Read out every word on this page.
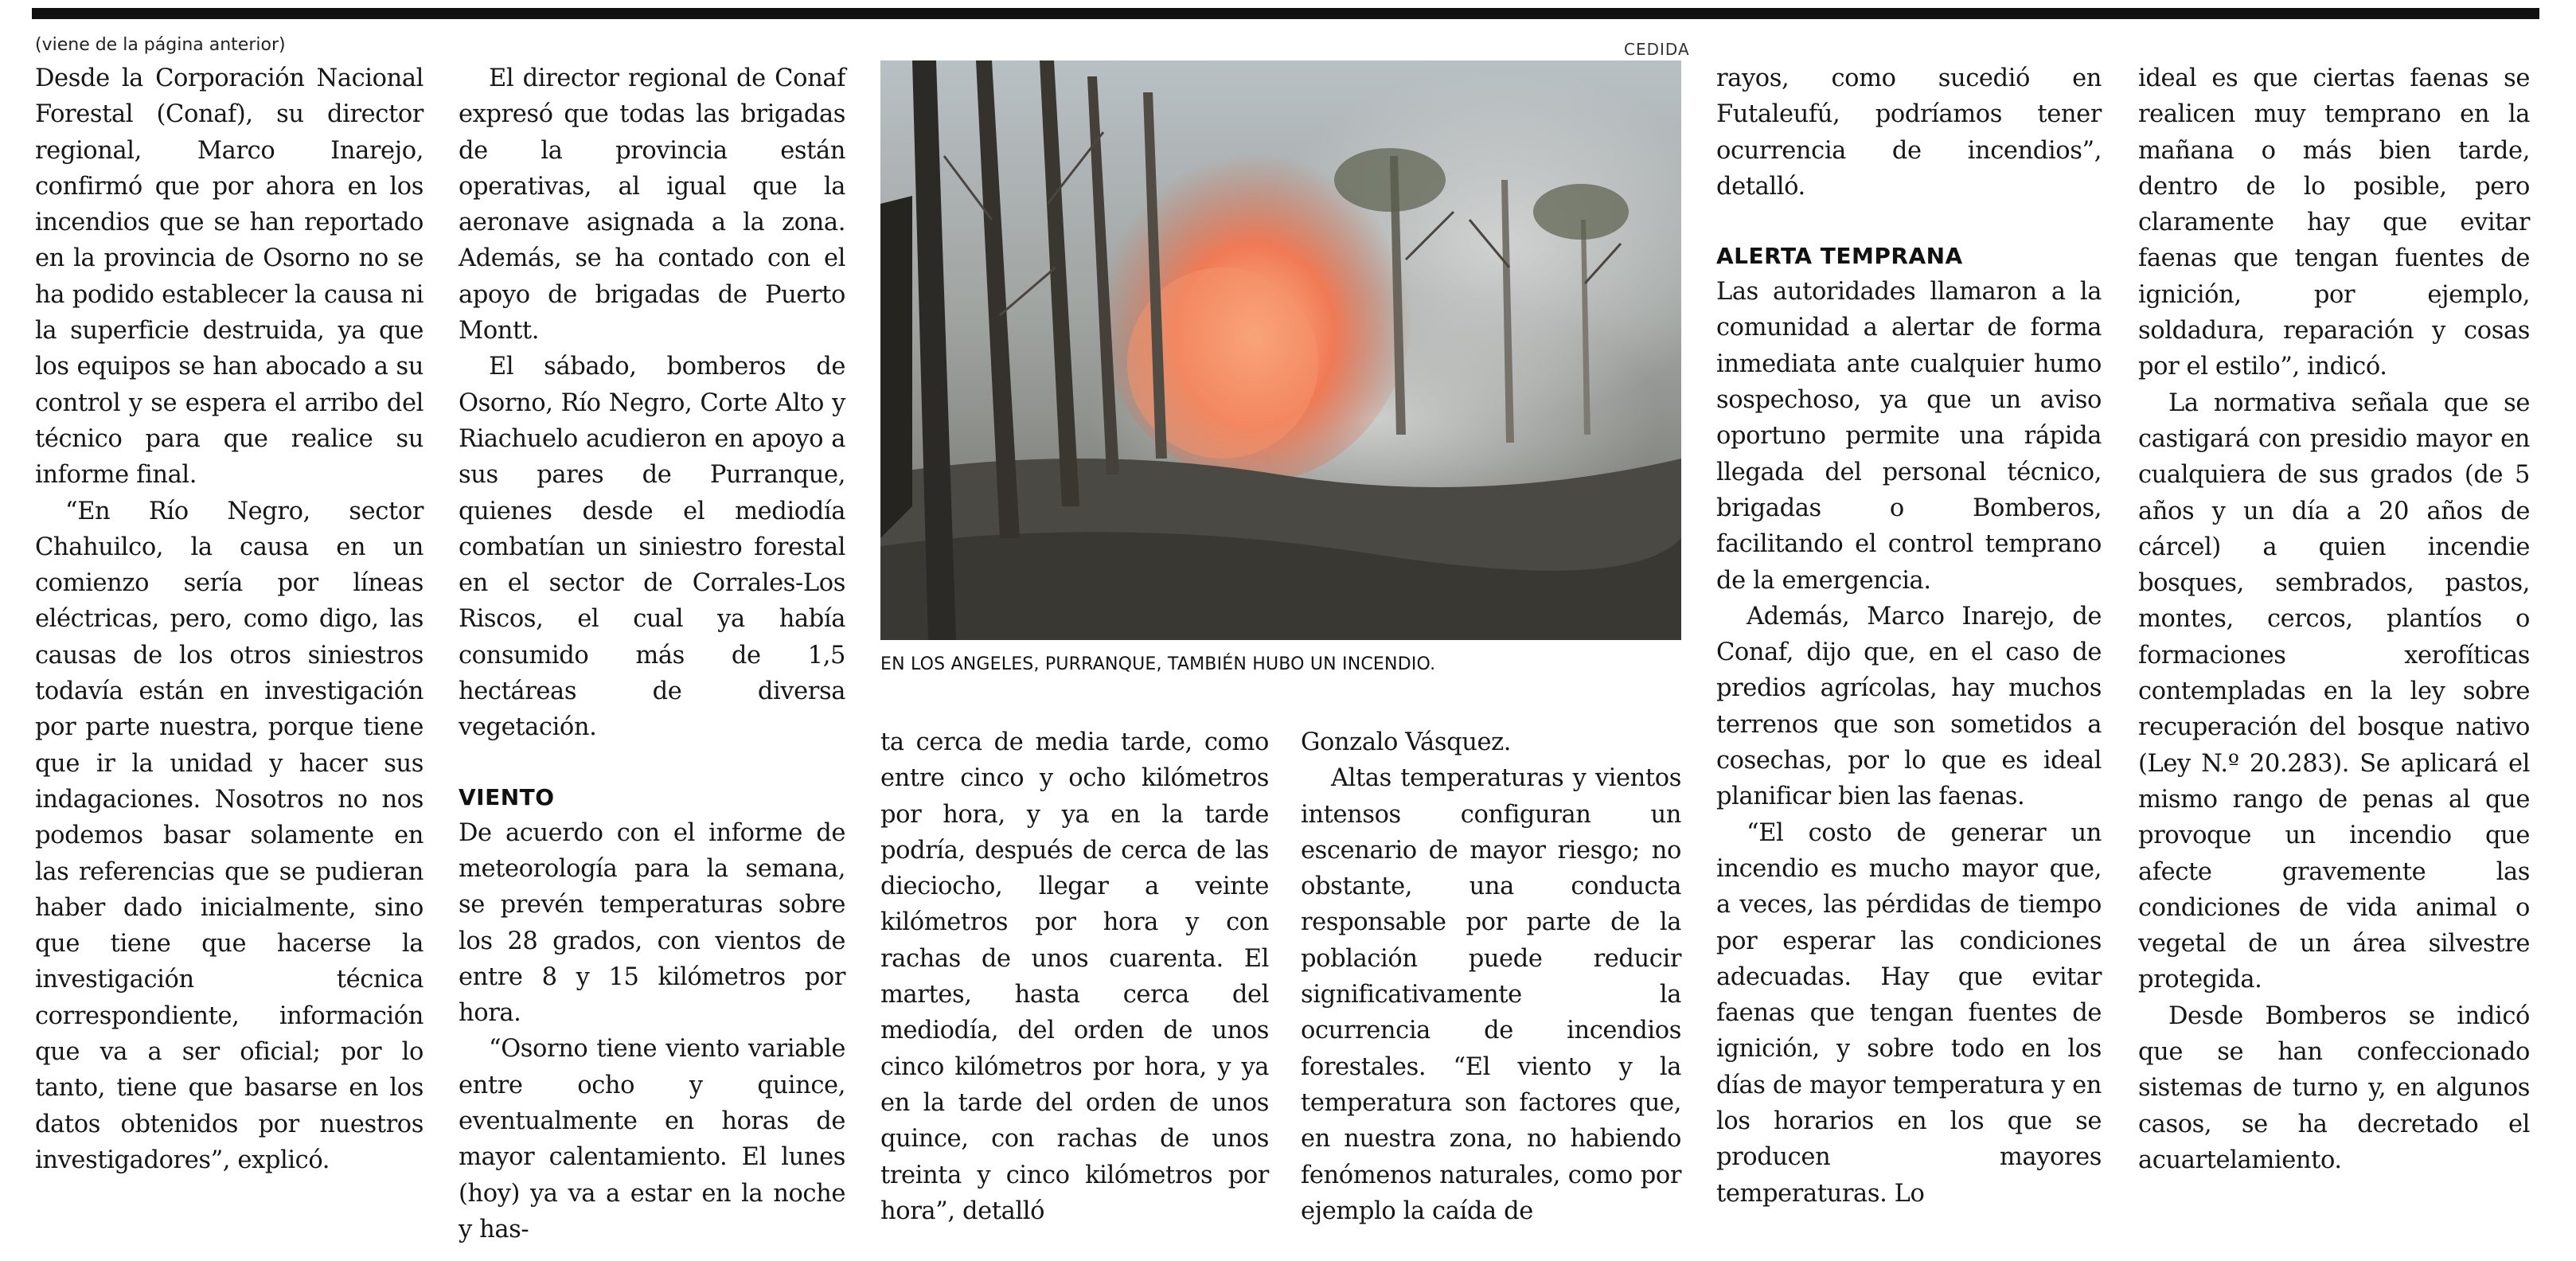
(viene de la página anterior)

Desde la Corporación Nacional Forestal (Conaf), su director regional, Marco Inarejo, confirmó que por ahora en los incendios que se han reportado en la provincia de Osorno no se ha podido establecer la causa ni la superficie destruida, ya que los equipos se han abocado a su control y se espera el arribo del técnico para que realice su informe final.

“En Río Negro, sector Chahuilco, la causa en un comienzo sería por líneas eléctricas, pero, como digo, las causas de los otros siniestros todavía están en investigación por parte nuestra, porque tiene que ir la unidad y hacer sus indagaciones. Nosotros no nos podemos basar solamente en las referencias que se pudieran haber dado inicialmente, sino que tiene que hacerse la investigación técnica correspondiente, información que va a ser oficial; por lo tanto, tiene que basarse en los datos obtenidos por nuestros investigadores”, explicó.

El director regional de Conaf expresó que todas las brigadas de la provincia están operativas, al igual que la aeronave asignada a la zona. Además, se ha contado con el apoyo de brigadas de Puerto Montt.

El sábado, bomberos de Osorno, Río Negro, Corte Alto y Riachuelo acudieron en apoyo a sus pares de Purranque, quienes desde el mediodía combatían un siniestro forestal en el sector de Corrales-Los Riscos, el cual ya había consumido más de 1,5 hectáreas de diversa vegetación.

VIENTO

De acuerdo con el informe de meteorología para la semana, se prevén temperaturas sobre los 28 grados, con vientos de entre 8 y 15 kilómetros por hora.

“Osorno tiene viento variable entre ocho y quince, eventualmente en horas de mayor calentamiento. El lunes (hoy) ya va a estar en la noche y has-

CEDIDA
EN LOS ANGELES, PURRANQUE, TAMBIÉN HUBO UN INCENDIO.

ta cerca de media tarde, como entre cinco y ocho kilómetros por hora, y ya en la tarde podría, después de cerca de las dieciocho, llegar a veinte kilómetros por hora y con rachas de unos cuarenta. El martes, hasta cerca del mediodía, del orden de unos cinco kilómetros por hora, y ya en la tarde del orden de unos quince, con rachas de unos treinta y cinco kilómetros por hora”, detalló

Gonzalo Vásquez.

Altas temperaturas y vientos intensos configuran un escenario de mayor riesgo; no obstante, una conducta responsable por parte de la población puede reducir significativamente la ocurrencia de incendios forestales. “El viento y la temperatura son factores que, en nuestra zona, no habiendo fenómenos naturales, como por ejemplo la caída de

rayos, como sucedió en Futaleufú, podríamos tener ocurrencia de incendios”, detalló.

ALERTA TEMPRANA

Las autoridades llamaron a la comunidad a alertar de forma inmediata ante cualquier humo sospechoso, ya que un aviso oportuno permite una rápida llegada del personal técnico, brigadas o Bomberos, facilitando el control temprano de la emergencia.

Además, Marco Inarejo, de Conaf, dijo que, en el caso de predios agrícolas, hay muchos terrenos que son sometidos a cosechas, por lo que es ideal planificar bien las faenas.

“El costo de generar un incendio es mucho mayor que, a veces, las pérdidas de tiempo por esperar las condiciones adecuadas. Hay que evitar faenas que tengan fuentes de ignición, y sobre todo en los días de mayor temperatura y en los horarios en los que se producen mayores temperaturas. Lo

ideal es que ciertas faenas se realicen muy temprano en la mañana o más bien tarde, dentro de lo posible, pero claramente hay que evitar faenas que tengan fuentes de ignición, por ejemplo, soldadura, reparación y cosas por el estilo”, indicó.

La normativa señala que se castigará con presidio mayor en cualquiera de sus grados (de 5 años y un día a 20 años de cárcel) a quien incendie bosques, sembrados, pastos, montes, cercos, plantíos o formaciones xerofíticas contempladas en la ley sobre recuperación del bosque nativo (Ley N.º 20.283). Se aplicará el mismo rango de penas al que provoque un incendio que afecte gravemente las condiciones de vida animal o vegetal de un área silvestre protegida.

Desde Bomberos se indicó que se han confeccionado sistemas de turno y, en algunos casos, se ha decretado el acuartelamiento.
